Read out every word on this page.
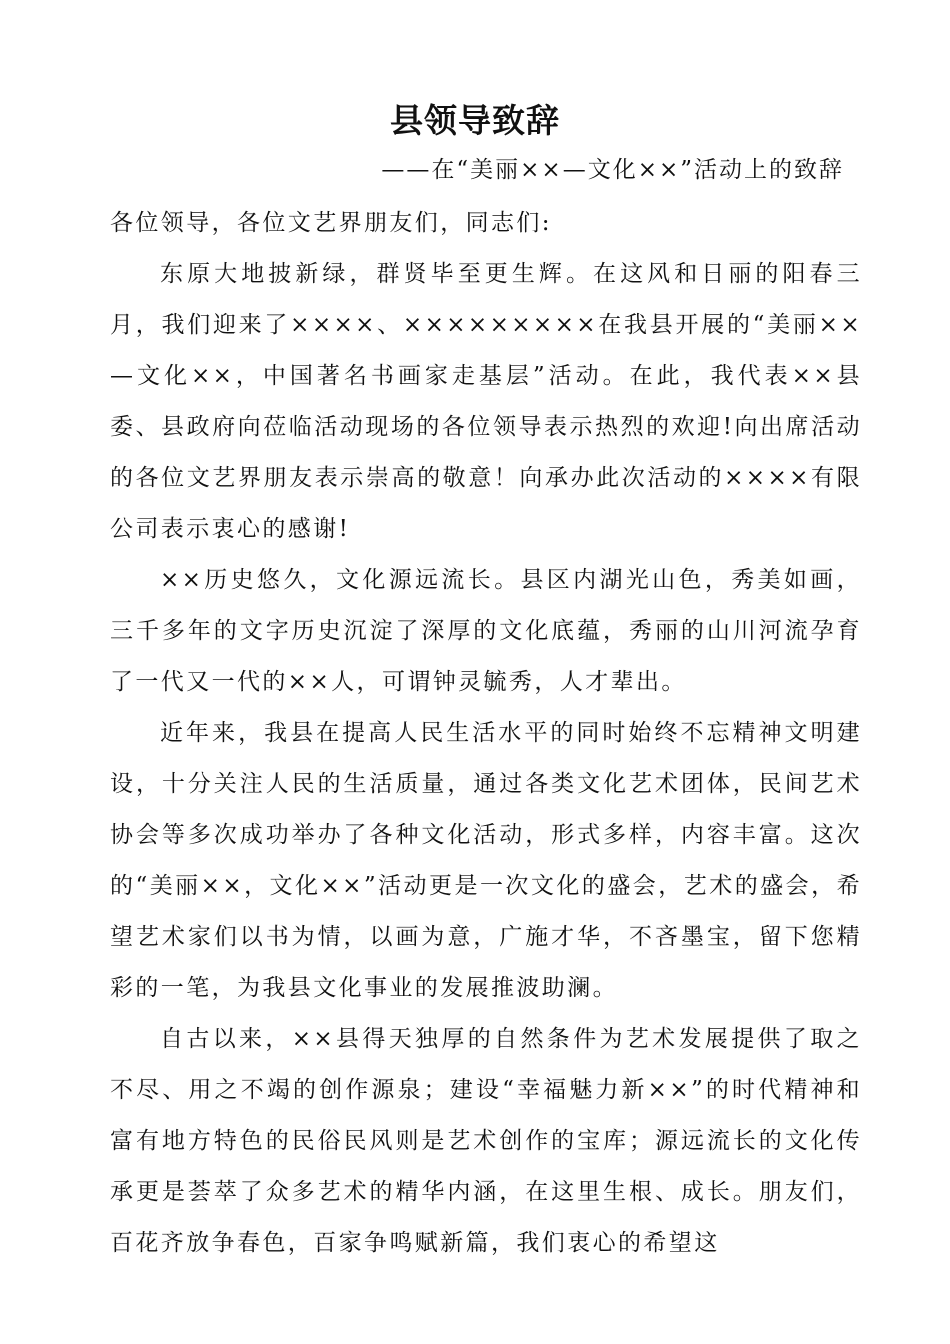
县领导致辞

——在“美丽××—文化××”活动上的致辞

各位领导，各位文艺界朋友们，同志们:

东原大地披新绿，群贤毕至更生辉。在这风和日丽的阳春三月，我们迎来了××××、×××××××××在我县开展的“美丽××—文化××，中国著名书画家走基层”活动。在此，我代表××县委、县政府向莅临活动现场的各位领导表示热烈的欢迎!向出席活动的各位文艺界朋友表示崇高的敬意！向承办此次活动的××××有限公司表示衷心的感谢!

××历史悠久，文化源远流长。县区内湖光山色，秀美如画，三千多年的文字历史沉淀了深厚的文化底蕴，秀丽的山川河流孕育了一代又一代的××人，可谓钟灵毓秀，人才辈出。

近年来，我县在提高人民生活水平的同时始终不忘精神文明建设，十分关注人民的生活质量，通过各类文化艺术团体，民间艺术协会等多次成功举办了各种文化活动，形式多样，内容丰富。这次的“美丽××，文化××”活动更是一次文化的盛会，艺术的盛会，希望艺术家们以书为情，以画为意，广施才华，不吝墨宝，留下您精彩的一笔，为我县文化事业的发展推波助澜。

自古以来，××县得天独厚的自然条件为艺术发展提供了取之不尽、用之不竭的创作源泉；建设“幸福魅力新××”的时代精神和富有地方特色的民俗民风则是艺术创作的宝库；源远流长的文化传承更是荟萃了众多艺术的精华内涵，在这里生根、成长。朋友们，百花齐放争春色，百家争鸣赋新篇，我们衷心的希望这
